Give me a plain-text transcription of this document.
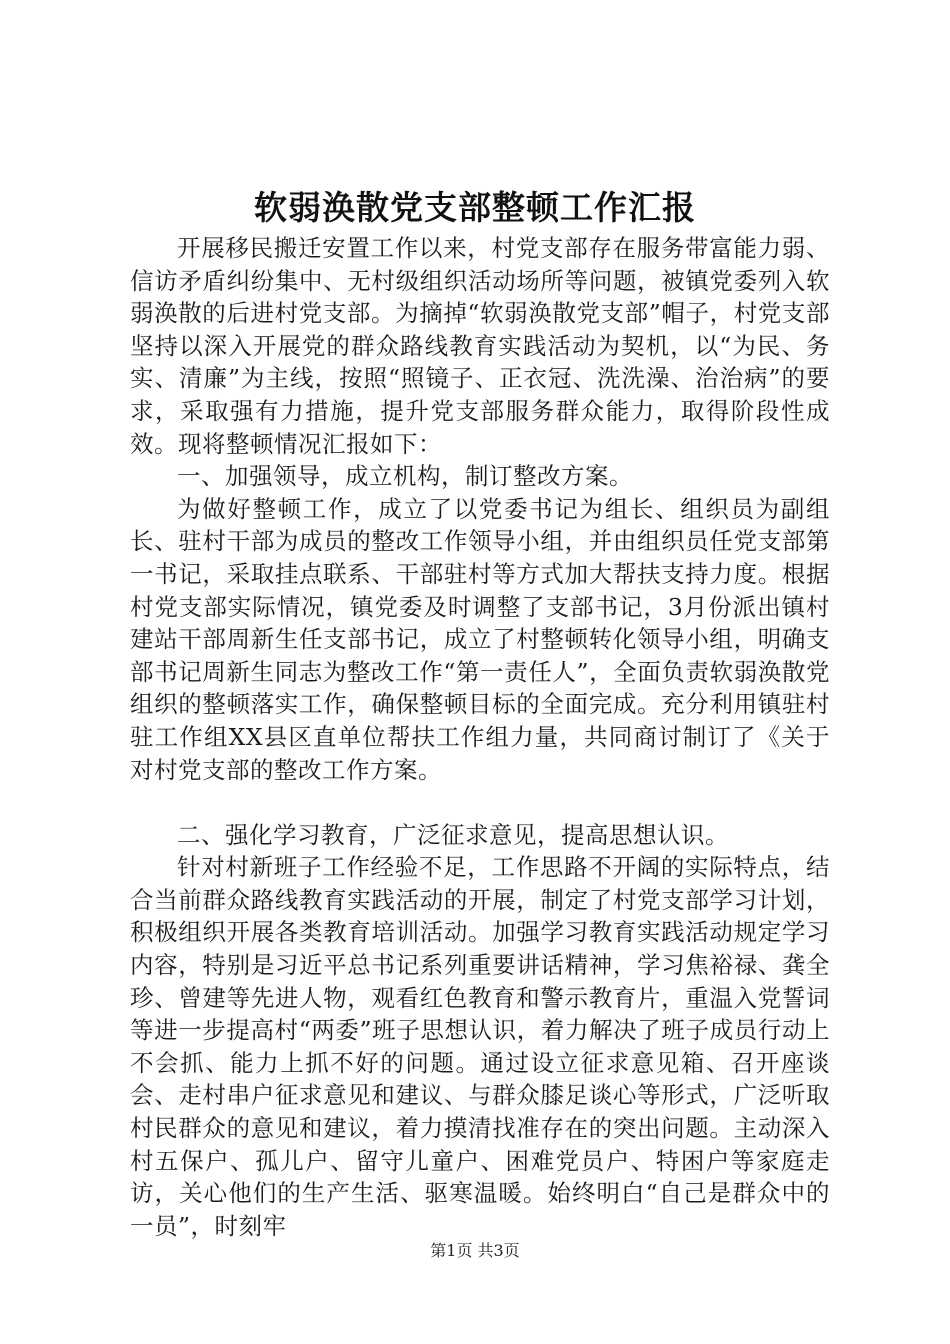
软弱涣散党支部整顿工作汇报

开展移民搬迁安置工作以来，村党支部存在服务带富能力弱、信访矛盾纠纷集中、无村级组织活动场所等问题，被镇党委列入软弱涣散的后进村党支部。为摘掉“软弱涣散党支部”帽子，村党支部坚持以深入开展党的群众路线教育实践活动为契机，以“为民、务实、清廉”为主线，按照“照镜子、正衣冠、洗洗澡、治治病”的要求，采取强有力措施，提升党支部服务群众能力，取得阶段性成效。现将整顿情况汇报如下：

一、加强领导，成立机构，制订整改方案。

为做好整顿工作，成立了以党委书记为组长、组织员为副组长、驻村干部为成员的整改工作领导小组，并由组织员任党支部第一书记，采取挂点联系、干部驻村等方式加大帮扶支持力度。根据村党支部实际情况，镇党委及时调整了支部书记，3月份派出镇村建站干部周新生任支部书记，成立了村整顿转化领导小组，明确支部书记周新生同志为整改工作“第一责任人”，全面负责软弱涣散党组织的整顿落实工作，确保整顿目标的全面完成。充分利用镇驻村驻工作组XX县区直单位帮扶工作组力量，共同商讨制订了《关于对村党支部的整改工作方案。

二、强化学习教育，广泛征求意见，提高思想认识。

针对村新班子工作经验不足，工作思路不开阔的实际特点，结合当前群众路线教育实践活动的开展，制定了村党支部学习计划，积极组织开展各类教育培训活动。加强学习教育实践活动规定学习内容，特别是习近平总书记系列重要讲话精神，学习焦裕禄、龚全珍、曾建等先进人物，观看红色教育和警示教育片，重温入党誓词等进一步提高村“两委”班子思想认识，着力解决了班子成员行动上不会抓、能力上抓不好的问题。通过设立征求意见箱、召开座谈会、走村串户征求意见和建议、与群众膝足谈心等形式，广泛听取村民群众的意见和建议，着力摸清找准存在的突出问题。主动深入村五保户、孤儿户、留守儿童户、困难党员户、特困户等家庭走访，关心他们的生产生活、驱寒温暖。始终明白“自己是群众中的一员”，时刻牢

第1页 共3页
